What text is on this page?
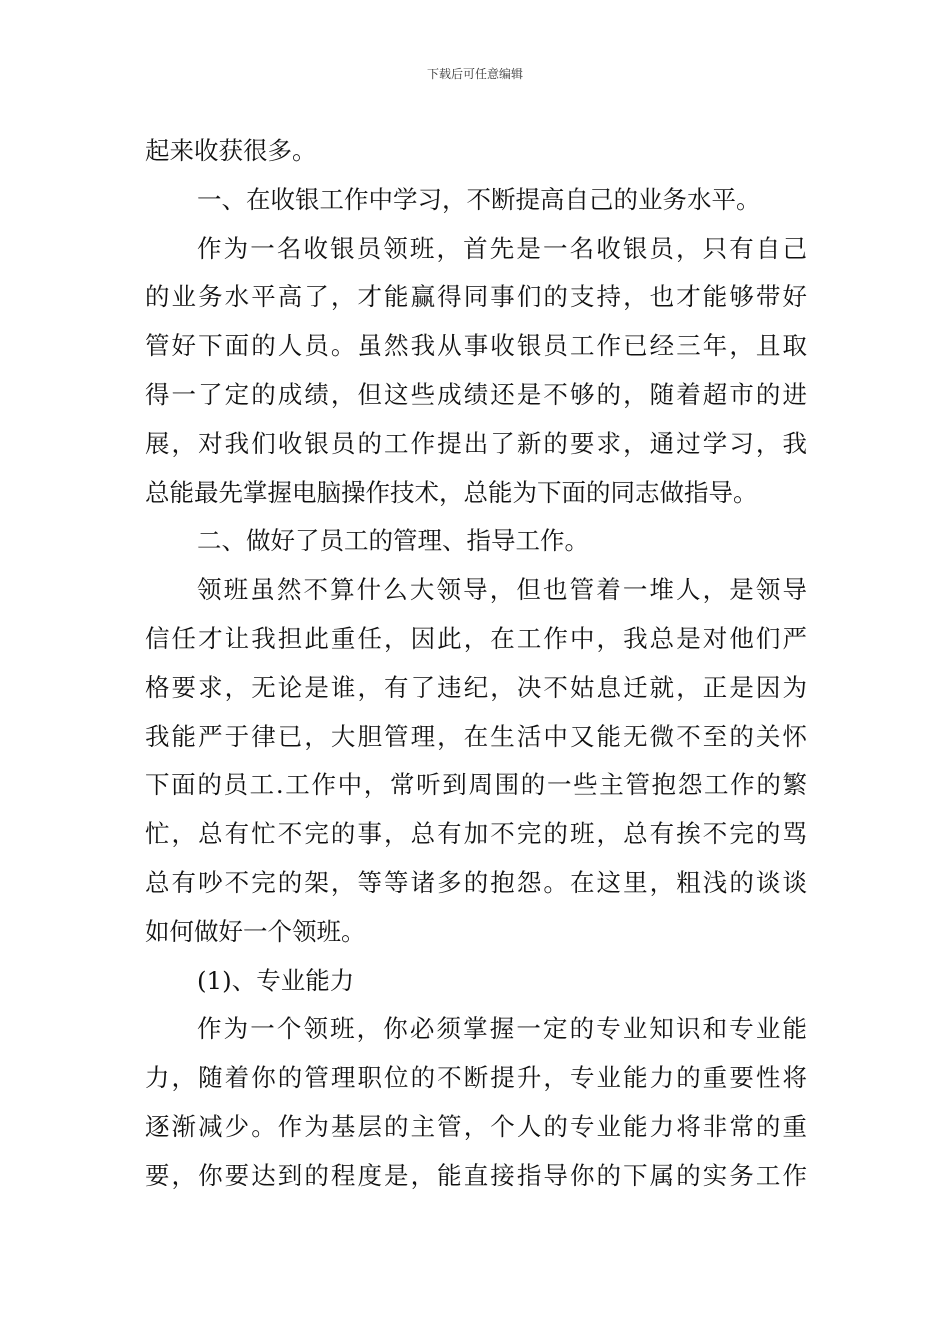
下载后可任意编辑
起来收获很多。
一、在收银工作中学习，不断提高自己的业务水平。
作为一名收银员领班，首先是一名收银员，只有自己
的业务水平高了，才能赢得同事们的支持，也才能够带好
管好下面的人员。虽然我从事收银员工作已经三年，且取
得一了定的成绩，但这些成绩还是不够的，随着超市的进
展，对我们收银员的工作提出了新的要求，通过学习，我
总能最先掌握电脑操作技术，总能为下面的同志做指导。
二、做好了员工的管理、指导工作。
领班虽然不算什么大领导，但也管着一堆人，是领导
信任才让我担此重任，因此，在工作中，我总是对他们严
格要求，无论是谁，有了违纪，决不姑息迁就，正是因为
我能严于律已，大胆管理，在生活中又能无微不至的关怀
下面的员工.工作中，常听到周围的一些主管抱怨工作的繁
忙，总有忙不完的事，总有加不完的班，总有挨不完的骂
总有吵不完的架，等等诸多的抱怨。在这里，粗浅的谈谈
如何做好一个领班。
(1)、专业能力
作为一个领班，你必须掌握一定的专业知识和专业能
力，随着你的管理职位的不断提升，专业能力的重要性将
逐渐减少。作为基层的主管，个人的专业能力将非常的重
要，你要达到的程度是，能直接指导你的下属的实务工作
